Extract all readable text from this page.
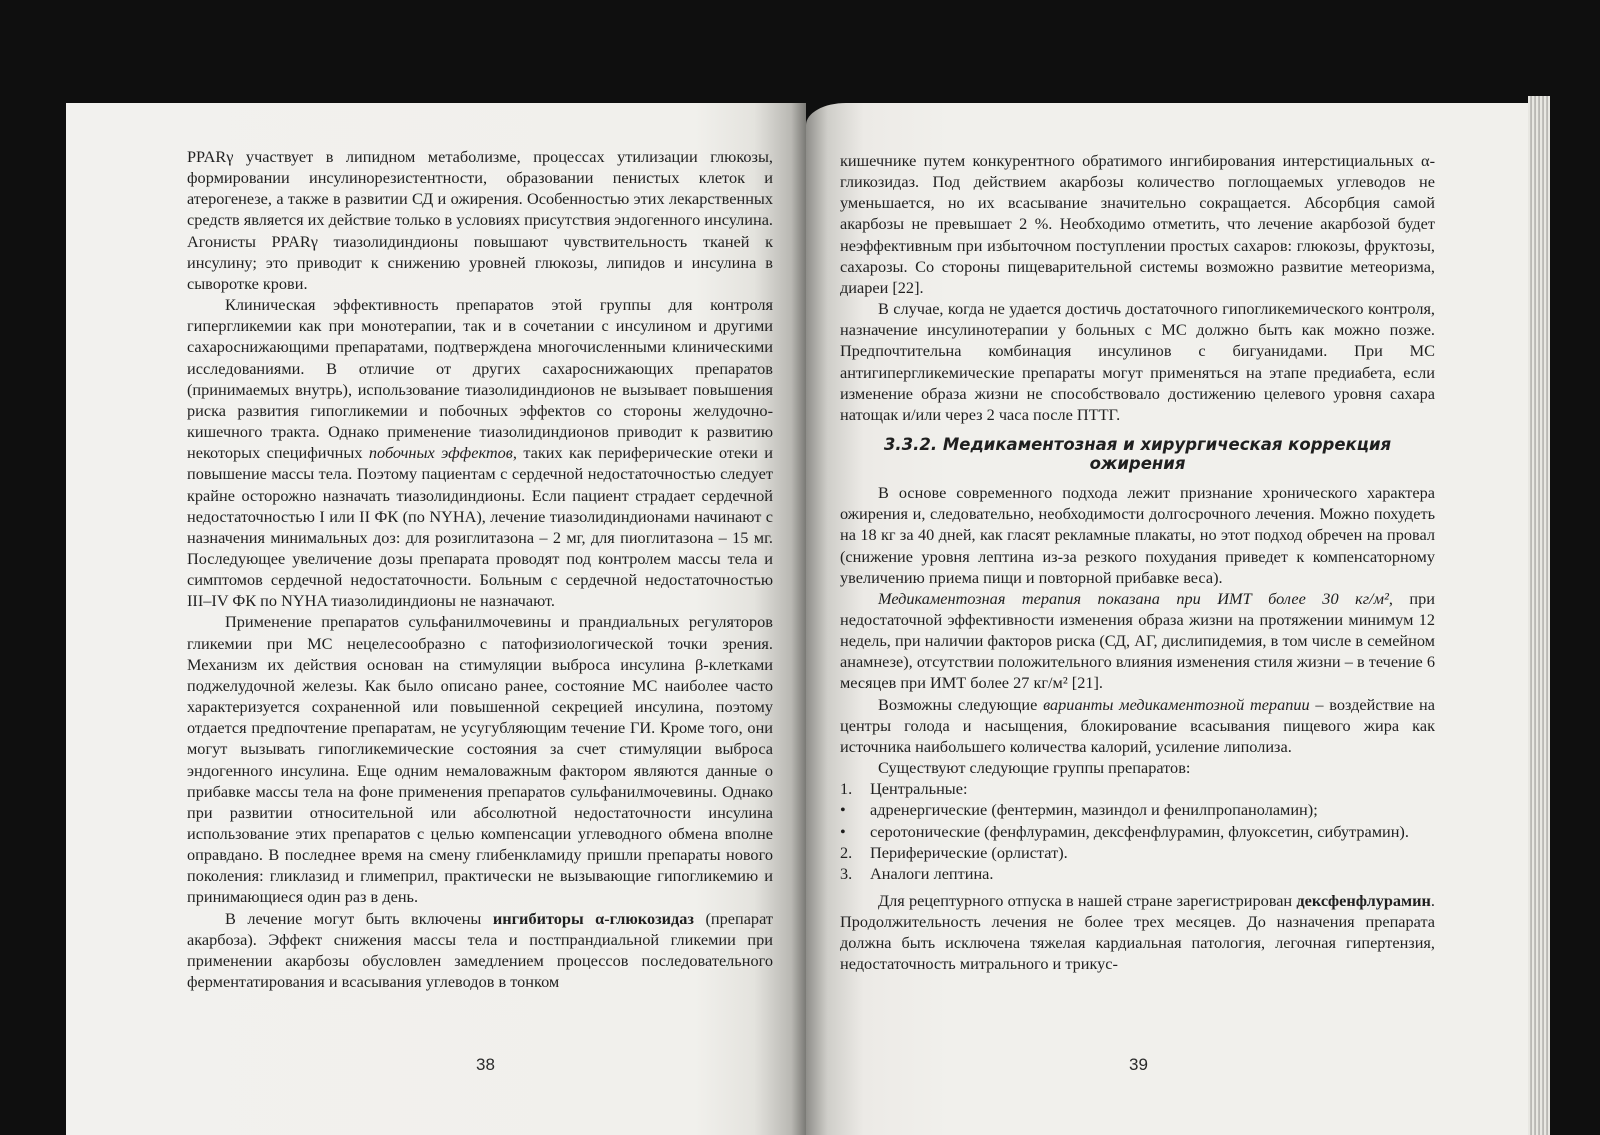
PPARγ участвует в липидном метаболизме, процессах утилизации глюкозы, формировании инсулинорезистентности, образовании пенистых клеток и атерогенезе, а также в развитии СД и ожирения. Особенностью этих лекарственных средств является их действие только в условиях присутствия эндогенного инсулина. Агонисты PPARγ тиазолидиндионы повышают чувствительность тканей к инсулину; это приводит к снижению уровней глюкозы, липидов и инсулина в сыворотке крови.

Клиническая эффективность препаратов этой группы для контроля гипергликемии как при монотерапии, так и в сочетании с инсулином и другими сахароснижающими препаратами, подтверждена многочисленными клиническими исследованиями. В отличие от других сахароснижающих препаратов (принимаемых внутрь), использование тиазолидиндионов не вызывает повышения риска развития гипогликемии и побочных эффектов со стороны желудочно-кишечного тракта. Однако применение тиазолидиндионов приводит к развитию некоторых специфичных побочных эффектов, таких как периферические отеки и повышение массы тела. Поэтому пациентам с сердечной недостаточностью следует крайне осторожно назначать тиазолидиндионы. Если пациент страдает сердечной недостаточностью I или II ФК (по NYHA), лечение тиазолидиндионами начинают с назначения минимальных доз: для розиглитазона – 2 мг, для пиоглитазона – 15 мг. Последующее увеличение дозы препарата проводят под контролем массы тела и симптомов сердечной недостаточности. Больным с сердечной недостаточностью III–IV ФК по NYHA тиазолидиндионы не назначают.

Применение препаратов сульфанилмочевины и прандиальных регуляторов гликемии при МС нецелесообразно с патофизиологической точки зрения. Механизм их действия основан на стимуляции выброса инсулина β-клетками поджелудочной железы. Как было описано ранее, состояние МС наиболее часто характеризуется сохраненной или повышенной секрецией инсулина, поэтому отдается предпочтение препаратам, не усугубляющим течение ГИ. Кроме того, они могут вызывать гипогликемические состояния за счет стимуляции выброса эндогенного инсулина. Еще одним немаловажным фактором являются данные о прибавке массы тела на фоне применения препаратов сульфанилмочевины. Однако при развитии относительной или абсолютной недостаточности инсулина использование этих препаратов с целью компенсации углеводного обмена вполне оправдано. В последнее время на смену глибенкламиду пришли препараты нового поколения: гликлазид и глимеприл, практически не вызывающие гипогликемию и принимающиеся один раз в день.

В лечение могут быть включены ингибиторы α-глюкозидаз (препарат акарбоза). Эффект снижения массы тела и постпрандиальной гликемии при применении акарбозы обусловлен замедлением процессов последовательного ферментатирования и всасывания углеводов в тонком

38

кишечнике путем конкурентного обратимого ингибирования интерстициальных α-гликозидаз. Под действием акарбозы количество поглощаемых углеводов не уменьшается, но их всасывание значительно сокращается. Абсорбция самой акарбозы не превышает 2 %. Необходимо отметить, что лечение акарбозой будет неэффективным при избыточном поступлении простых сахаров: глюкозы, фруктозы, сахарозы. Со стороны пищеварительной системы возможно развитие метеоризма, диареи [22].

В случае, когда не удается достичь достаточного гипогликемического контроля, назначение инсулинотерапии у больных с МС должно быть как можно позже. Предпочтительна комбинация инсулинов с бигуанидами. При МС антигипергликемические препараты могут применяться на этапе предиабета, если изменение образа жизни не способствовало достижению целевого уровня сахара натощак и/или через 2 часа после ПТТГ.

3.3.2. Медикаментозная и хирургическая коррекция
ожирения

В основе современного подхода лежит признание хронического характера ожирения и, следовательно, необходимости долгосрочного лечения. Можно похудеть на 18 кг за 40 дней, как гласят рекламные плакаты, но этот подход обречен на провал (снижение уровня лептина из-за резкого похудания приведет к компенсаторному увеличению приема пищи и повторной прибавке веса).

Медикаментозная терапия показана при ИМТ более 30 кг/м², при недостаточной эффективности изменения образа жизни на протяжении минимум 12 недель, при наличии факторов риска (СД, АГ, дислипидемия, в том числе в семейном анамнезе), отсутствии положительного влияния изменения стиля жизни – в течение 6 месяцев при ИМТ более 27 кг/м² [21].

Возможны следующие варианты медикаментозной терапии – воздействие на центры голода и насыщения, блокирование всасывания пищевого жира как источника наибольшего количества калорий, усиление липолиза.

Существуют следующие группы препаратов:

1. Центральные:

• адренергические (фентермин, мазиндол и фенилпропаноламин);

• серотонические (фенфлурамин, дексфенфлурамин, флуоксетин, сибутрамин).

2. Периферические (орлистат).

3. Аналоги лептина.

Для рецептурного отпуска в нашей стране зарегистрирован дексфенфлурамин. Продолжительность лечения не более трех месяцев. До назначения препарата должна быть исключена тяжелая кардиальная патология, легочная гипертензия, недостаточность митрального и трикус-

39
